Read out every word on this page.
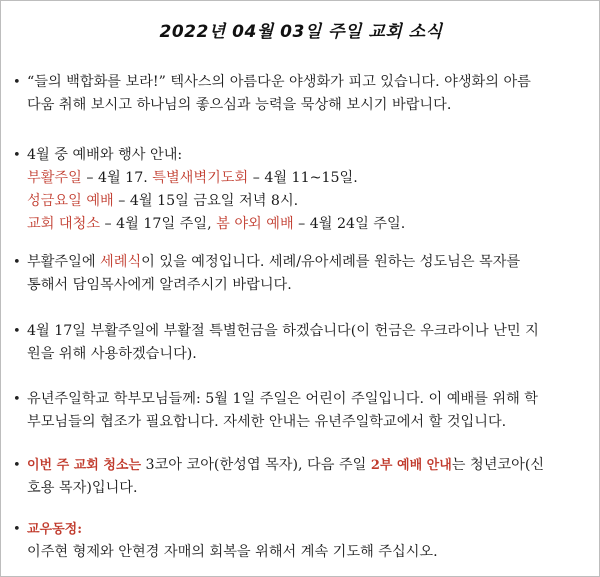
2022년 04월 03일 주일 교회 소식
• “들의 백합화를 보라!” 텍사스의 아름다운 야생화가 피고 있습니다. 야생화의 아름
다움 취해 보시고 하나님의 좋으심과 능력을 묵상해 보시기 바랍니다.
• 4월 중 예배와 행사 안내:
부활주일 – 4월 17. 특별새벽기도회 – 4월 11~15일.
성금요일 예배 – 4월 15일 금요일 저녁 8시.
교회 대청소 – 4월 17일 주일, 봄 야외 예배 – 4월 24일 주일.
• 부활주일에 세례식이 있을 예정입니다. 세례/유아세례를 원하는 성도님은 목자를
통해서 담임목사에게 알려주시기 바랍니다.
• 4월 17일 부활주일에 부활절 특별헌금을 하겠습니다(이 헌금은 우크라이나 난민 지
원을 위해 사용하겠습니다).
• 유년주일학교 학부모님들께: 5월 1일 주일은 어린이 주일입니다. 이 예배를 위해 학
부모님들의 협조가 필요합니다. 자세한 안내는 유년주일학교에서 할 것입니다.
• 이번 주 교회 청소는 3코아 코아(한성엽 목자), 다음 주일 2부 예배 안내는 청년코아(신
호용 목자)입니다.
• 교우동정:
이주현 형제와 안현경 자매의 회복을 위해서 계속 기도해 주십시오.
